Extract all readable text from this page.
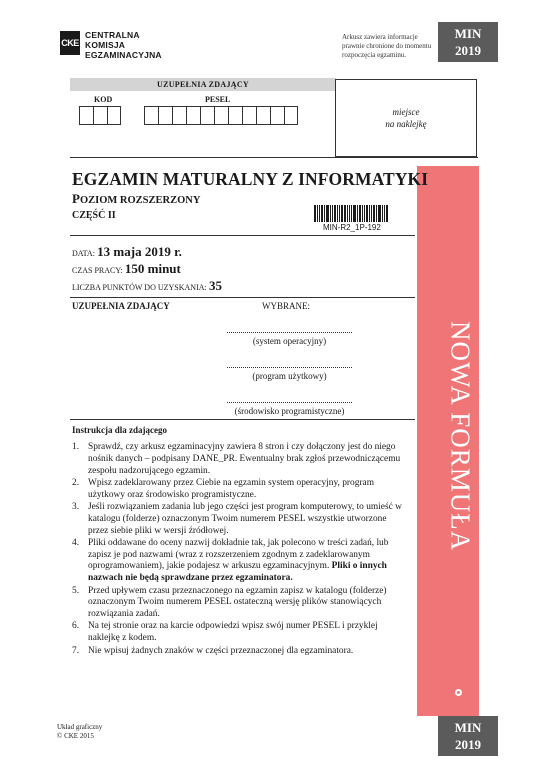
CKE
CENTRALNA
KOMISJA
EGZAMINACYJNA
Arkusz zawiera informacje
prawnie chronione do momentu
rozpoczęcia egzaminu.
MIN
2019
UZUPEŁNIA ZDAJĄCY
KOD	PESEL
miejsce
na naklejkę
NOWA FORMUŁA
EGZAMIN MATURALNY Z INFORMATYKI
POZIOM ROZSZERZONY
CZĘŚĆ II
MIN-R2_1P-192
DATA: 13 maja 2019 r.
CZAS PRACY: 150 minut
LICZBA PUNKTÓW DO UZYSKANIA: 35
UZUPEŁNIA ZDAJĄCY	WYBRANE:
(system operacyjny)
(program użytkowy)
(środowisko programistyczne)
Instrukcja dla zdającego
1. Sprawdź, czy arkusz egzaminacyjny zawiera 8 stron i czy dołączony jest do niego nośnik danych – podpisany DANE_PR. Ewentualny brak zgłoś przewodniczącemu zespołu nadzorującego egzamin.
2. Wpisz zadeklarowany przez Ciebie na egzamin system operacyjny, program użytkowy oraz środowisko programistyczne.
3. Jeśli rozwiązaniem zadania lub jego części jest program komputerowy, to umieść w katalogu (folderze) oznaczonym Twoim numerem PESEL wszystkie utworzone przez siebie pliki w wersji źródłowej.
4. Pliki oddawane do oceny nazwij dokładnie tak, jak polecono w treści zadań, lub zapisz je pod nazwami (wraz z rozszerzeniem zgodnym z zadeklarowanym oprogramowaniem), jakie podajesz w arkuszu egzaminacyjnym. Pliki o innych nazwach nie będą sprawdzane przez egzaminatora.
5. Przed upływem czasu przeznaczonego na egzamin zapisz w katalogu (folderze) oznaczonym Twoim numerem PESEL ostateczną wersję plików stanowiących rozwiązania zadań.
6. Na tej stronie oraz na karcie odpowiedzi wpisz swój numer PESEL i przyklej naklejkę z kodem.
7. Nie wpisuj żadnych znaków w części przeznaczonej dla egzaminatora.
Układ graficzny
© CKE 2015
MIN
2019
